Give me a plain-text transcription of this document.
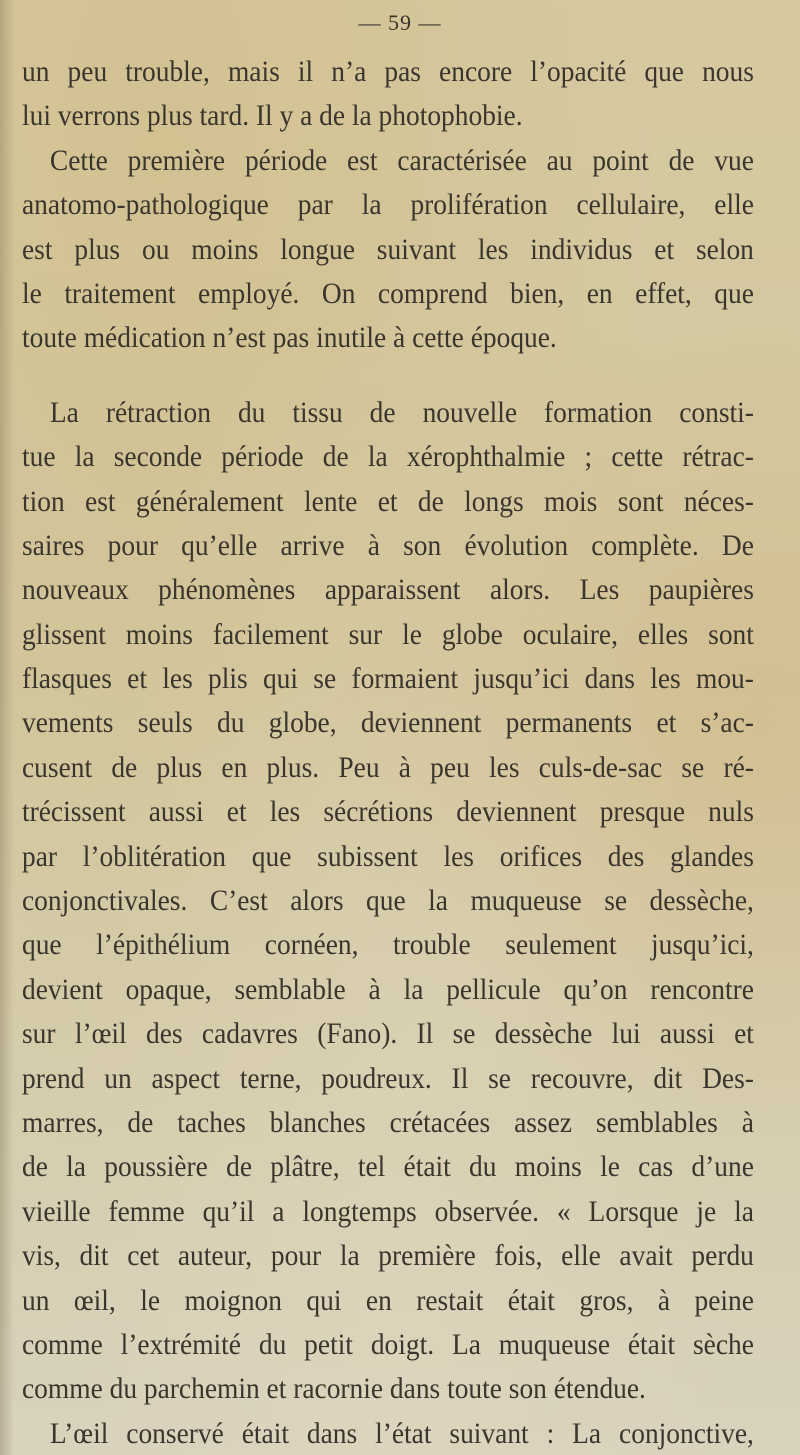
— 59 —
un peu trouble, mais il n’a pas encore l’opacité que nous
lui verrons plus tard. Il y a de la photophobie.
Cette première période est caractérisée au point de vue
anatomo-pathologique par la prolifération cellulaire, elle
est plus ou moins longue suivant les individus et selon
le traitement employé. On comprend bien, en effet, que
toute médication n’est pas inutile à cette époque.
La rétraction du tissu de nouvelle formation consti-
tue la seconde période de la xérophthalmie ; cette rétrac-
tion est généralement lente et de longs mois sont néces-
saires pour qu’elle arrive à son évolution complète. De
nouveaux phénomènes apparaissent alors. Les paupières
glissent moins facilement sur le globe oculaire, elles sont
flasques et les plis qui se formaient jusqu’ici dans les mou-
vements seuls du globe, deviennent permanents et s’ac-
cusent de plus en plus. Peu à peu les culs-de-sac se ré-
trécissent aussi et les sécrétions deviennent presque nuls
par l’oblitération que subissent les orifices des glandes
conjonctivales. C’est alors que la muqueuse se dessèche,
que l’épithélium cornéen, trouble seulement jusqu’ici,
devient opaque, semblable à la pellicule qu’on rencontre
sur l’œil des cadavres (Fano). Il se dessèche lui aussi et
prend un aspect terne, poudreux. Il se recouvre, dit Des-
marres, de taches blanches crétacées assez semblables à
de la poussière de plâtre, tel était du moins le cas d’une
vieille femme qu’il a longtemps observée. « Lorsque je la
vis, dit cet auteur, pour la première fois, elle avait perdu
un œil, le moignon qui en restait était gros, à peine
comme l’extrémité du petit doigt. La muqueuse était sèche
comme du parchemin et racornie dans toute son étendue.
L’œil conservé était dans l’état suivant : La conjonctive,
